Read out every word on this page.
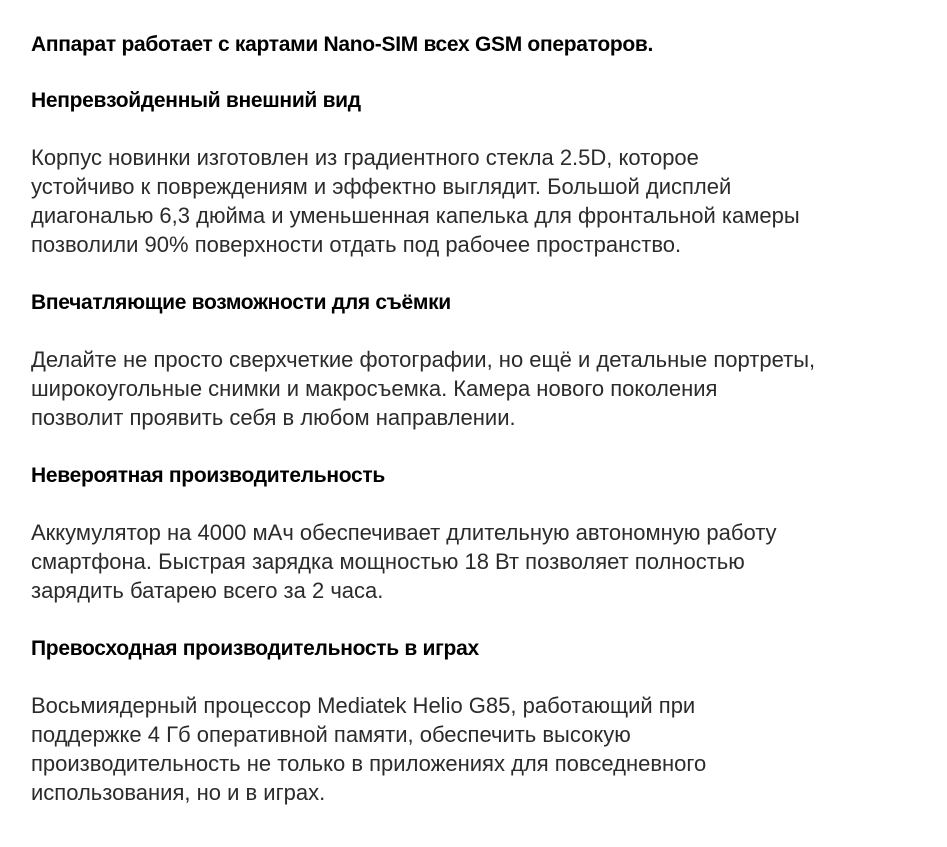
Аппарат работает с картами Nano-SIM всех GSM операторов.
Непревзойденный внешний вид

Корпус новинки изготовлен из градиентного стекла 2.5D, которое
устойчиво к повреждениям и эффектно выглядит. Большой дисплей
диагональю 6,3 дюйма и уменьшенная капелька для фронтальной камеры
позволили 90% поверхности отдать под рабочее пространство.

Впечатляющие возможности для съёмки

Делайте не просто сверхчеткие фотографии, но ещё и детальные портреты,
широкоугольные снимки и макросъемка. Камера нового поколения
позволит проявить себя в любом направлении.

Невероятная производительность

Аккумулятор на 4000 мАч обеспечивает длительную автономную работу
смартфона. Быстрая зарядка мощностью 18 Вт позволяет полностью
зарядить батарею всего за 2 часа.

Превосходная производительность в играх

Восьмиядерный процессор Mediatek Helio G85, работающий при
поддержке 4 Гб оперативной памяти, обеспечить высокую
производительность не только в приложениях для повседневного
использования, но и в играх.
